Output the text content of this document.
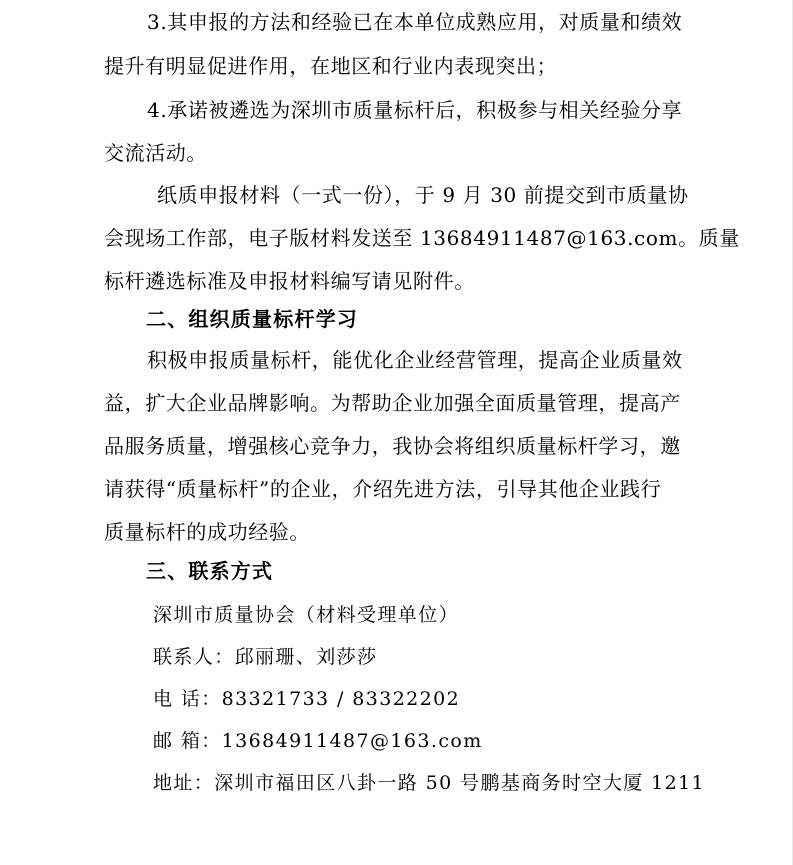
3.其申报的方法和经验已在本单位成熟应用，对质量和绩效
提升有明显促进作用，在地区和行业内表现突出；
4.承诺被遴选为深圳市质量标杆后，积极参与相关经验分享
交流活动。
纸质申报材料（一式一份），于 9 月 30 前提交到市质量协
会现场工作部，电子版材料发送至 13684911487@163.com。质量
标杆遴选标准及申报材料编写请见附件。
二、组织质量标杆学习
积极申报质量标杆，能优化企业经营管理，提高企业质量效
益，扩大企业品牌影响。为帮助企业加强全面质量管理，提高产
品服务质量，增强核心竞争力，我协会将组织质量标杆学习，邀
请获得“质量标杆”的企业，介绍先进方法，引导其他企业践行
质量标杆的成功经验。
三、联系方式
深圳市质量协会（材料受理单位）
联系人：邱丽珊、刘莎莎
电 话：83321733 / 83322202
邮 箱：13684911487@163.com
地址：深圳市福田区八卦一路 50 号鹏基商务时空大厦 1211
